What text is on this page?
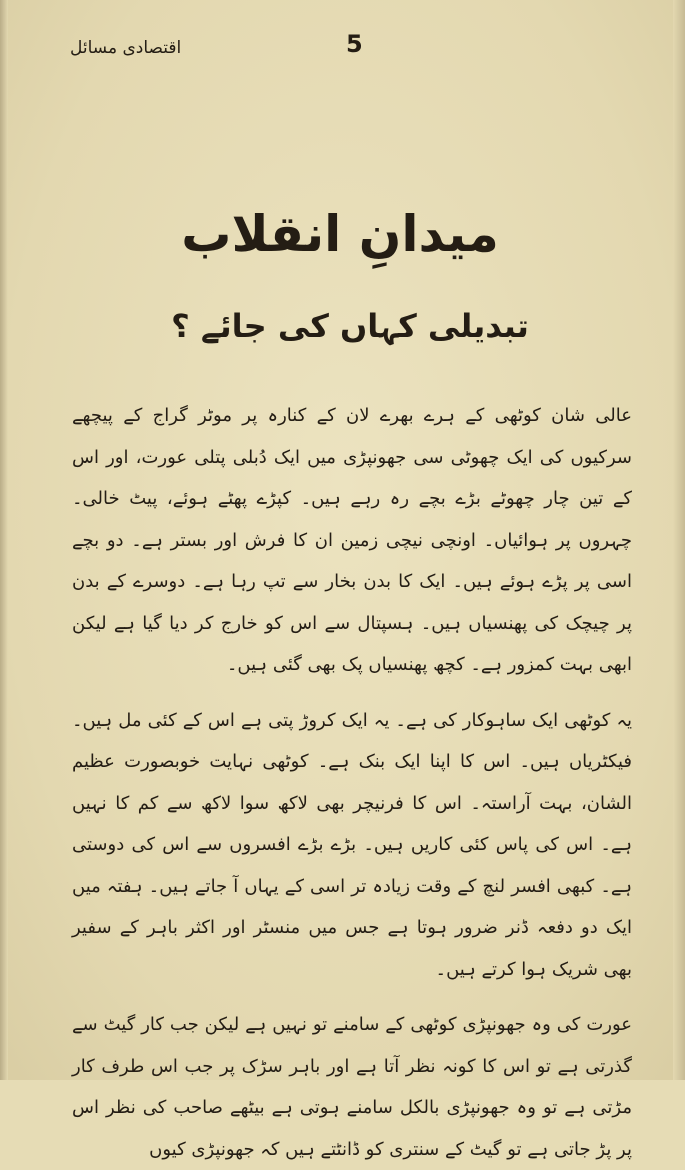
اقتصادی مسائل	5
میدانِ انقلاب
تبدیلی کہاں کی جائے ؟

عالی شان کوٹھی کے ہرے بھرے لان کے کنارہ پر موٹر گراج کے پیچھے سرکیوں کی ایک چھوٹی سی جھونپڑی میں ایک دُبلی پتلی عورت، اور اس کے تین چار چھوٹے بڑے بچے رہ رہے ہیں۔ کپڑے پھٹے ہوئے، پیٹ خالی۔ چہروں پر ہوائیاں۔ اونچی نیچی زمین ان کا فرش اور بستر ہے۔ دو بچے اسی پر پڑے ہوئے ہیں۔ ایک کا بدن بخار سے تپ رہا ہے۔ دوسرے کے بدن پر چیچک کی پھنسیاں ہیں۔ ہسپتال سے اس کو خارج کر دیا گیا ہے لیکن ابھی بہت کمزور ہے۔ کچھ پھنسیاں پک بھی گئی ہیں۔

یہ کوٹھی ایک ساہوکار کی ہے۔ یہ ایک کروڑ پتی ہے اس کے کئی مل ہیں۔ فیکٹریاں ہیں۔ اس کا اپنا ایک بنک ہے۔ کوٹھی نہایت خوبصورت عظیم الشان، بہت آراستہ۔ اس کا فرنیچر بھی لاکھ سوا لاکھ سے کم کا نہیں ہے۔ اس کی پاس کئی کاریں ہیں۔ بڑے بڑے افسروں سے اس کی دوستی ہے۔ کبھی افسر لنچ کے وقت زیادہ تر اسی کے یہاں آ جاتے ہیں۔ ہفتہ میں ایک دو دفعہ ڈنر ضرور ہوتا ہے جس میں منسٹر اور اکثر باہر کے سفیر بھی شریک ہوا کرتے ہیں۔

عورت کی وہ جھونپڑی کوٹھی کے سامنے تو نہیں ہے لیکن جب کار گیٹ سے گذرتی ہے تو اس کا کونہ نظر آتا ہے اور باہر سڑک پر جب اس طرف کار مڑتی ہے تو وہ جھونپڑی بالکل سامنے ہوتی ہے بیٹھے صاحب کی نظر اس پر پڑ جاتی ہے تو گیٹ کے سنتری کو ڈانٹتے ہیں کہ جھونپڑی کیوں
